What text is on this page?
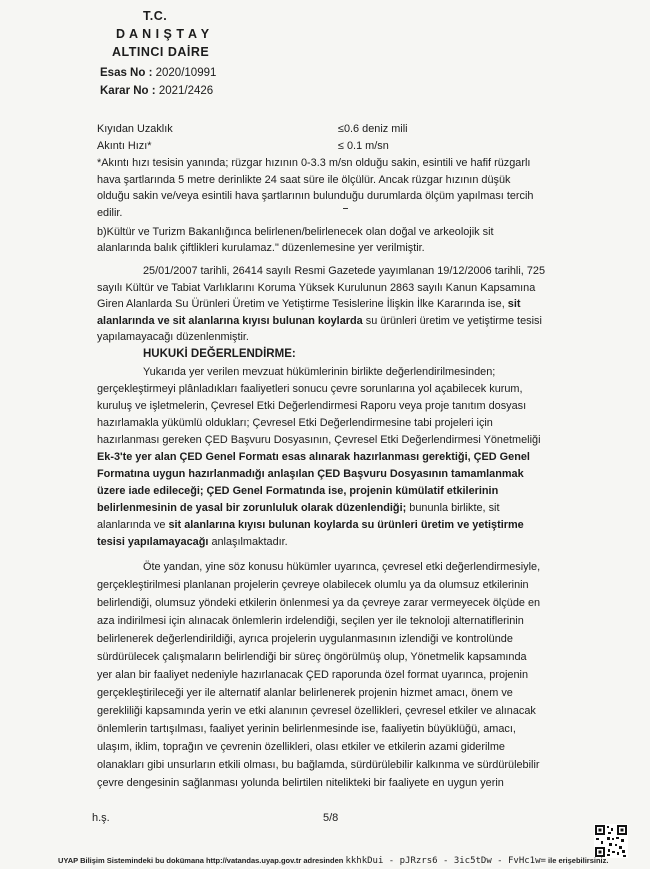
T.C.
D A N I Ş T A Y
ALTINCI DAİRE
Esas No : 2020/10991
Karar No : 2021/2426
Kıyıdan Uzaklık	≤0.6 deniz mili
Akıntı Hızı*	≤ 0.1 m/sn
*Akıntı hızı tesisin yanında; rüzgar hızının 0-3.3 m/sn olduğu sakin, esintili ve hafif rüzgarlı
hava şartlarında 5 metre derinlikte 24 saat süre ile ölçülür. Ancak rüzgar hızının düşük
olduğu sakin ve/veya esintili hava şartlarının bulunduğu durumlarda ölçüm yapılması tercih
edilir.
b)Kültür ve Turizm Bakanlığınca belirlenen/belirlenecek olan doğal ve arkeolojik sit
alanlarında balık çiftlikleri kurulamaz." düzenlemesine yer verilmiştir.
25/01/2007 tarihli, 26414 sayılı Resmi Gazetede yayımlanan 19/12/2006 tarihli, 725
sayılı Kültür ve Tabiat Varlıklarını Koruma Yüksek Kurulunun 2863 sayılı Kanun Kapsamına
Giren Alanlarda Su Ürünleri Üretim ve Yetiştirme Tesislerine İlişkin İlke Kararında ise, sit
alanlarında ve sit alanlarına kıyısı bulunan koylarda su ürünleri üretim ve yetiştirme tesisi
yapılamayacağı düzenlenmiştir.
HUKUKİ DEĞERLENDİRME:
Yukarıda yer verilen mevzuat hükümlerinin birlikte değerlendirilmesinden;
gerçekleştirmeyi plânladıkları faaliyetleri sonucu çevre sorunlarına yol açabilecek kurum,
kuruluş ve işletmelerin, Çevresel Etki Değerlendirmesi Raporu veya proje tanıtım dosyası
hazırlamakla yükümlü oldukları; Çevresel Etki Değerlendirmesine tabi projeleri için
hazırlanması gereken ÇED Başvuru Dosyasının, Çevresel Etki Değerlendirmesi Yönetmeliği
Ek-3'te yer alan ÇED Genel Formatı esas alınarak hazırlanması gerektiği, ÇED Genel
Formatına uygun hazırlanmadığı anlaşılan ÇED Başvuru Dosyasının tamamlanmak
üzere iade edileceği; ÇED Genel Formatında ise, projenin kümülatif etkilerinin
belirlenmesinin de yasal bir zorunluluk olarak düzenlendiği; bununla birlikte, sit
alanlarında ve sit alanlarına kıyısı bulunan koylarda su ürünleri üretim ve yetiştirme
tesisi yapılamayacağı anlaşılmaktadır.
Öte yandan, yine söz konusu hükümler uyarınca, çevresel etki değerlendirmesiyle,
gerçekleştirilmesi planlanan projelerin çevreye olabilecek olumlu ya da olumsuz etkilerinin
belirlendiği, olumsuz yöndeki etkilerin önlenmesi ya da çevreye zarar vermeyecek ölçüde en
aza indirilmesi için alınacak önlemlerin irdelendiği, seçilen yer ile teknoloji alternatiflerinin
belirlenerek değerlendirildiği, ayrıca projelerin uygulanmasının izlendiği ve kontrolünde
sürdürülecek çalışmaların belirlendiği bir süreç öngörülmüş olup, Yönetmelik kapsamında
yer alan bir faaliyet nedeniyle hazırlanacak ÇED raporunda özel format uyarınca, projenin
gerçekleştirileceği yer ile alternatif alanlar belirlenerek projenin hizmet amacı, önem ve
gerekliliği kapsamında yerin ve etki alanının çevresel özellikleri, çevresel etkiler ve alınacak
önlemlerin tartışılması, faaliyet yerinin belirlenmesinde ise, faaliyetin büyüklüğü, amacı,
ulaşım, iklim, toprağın ve çevrenin özellikleri, olası etkiler ve etkilerin azami giderilme
olanakları gibi unsurların etkili olması, bu bağlamda, sürdürülebilir kalkınma ve sürdürülebilir
çevre dengesinin sağlanması yolunda belirtilen nitelikteki bir faaliyete en uygun yerin
h.ş.	5/8
UYAP Bilişim Sistemindeki bu dokümana http://vatandas.uyap.gov.tr adresinden kkhkDui - pJRzrs6 - 3ic5tDw - FvHc1w= ile erişebilirsiniz.
